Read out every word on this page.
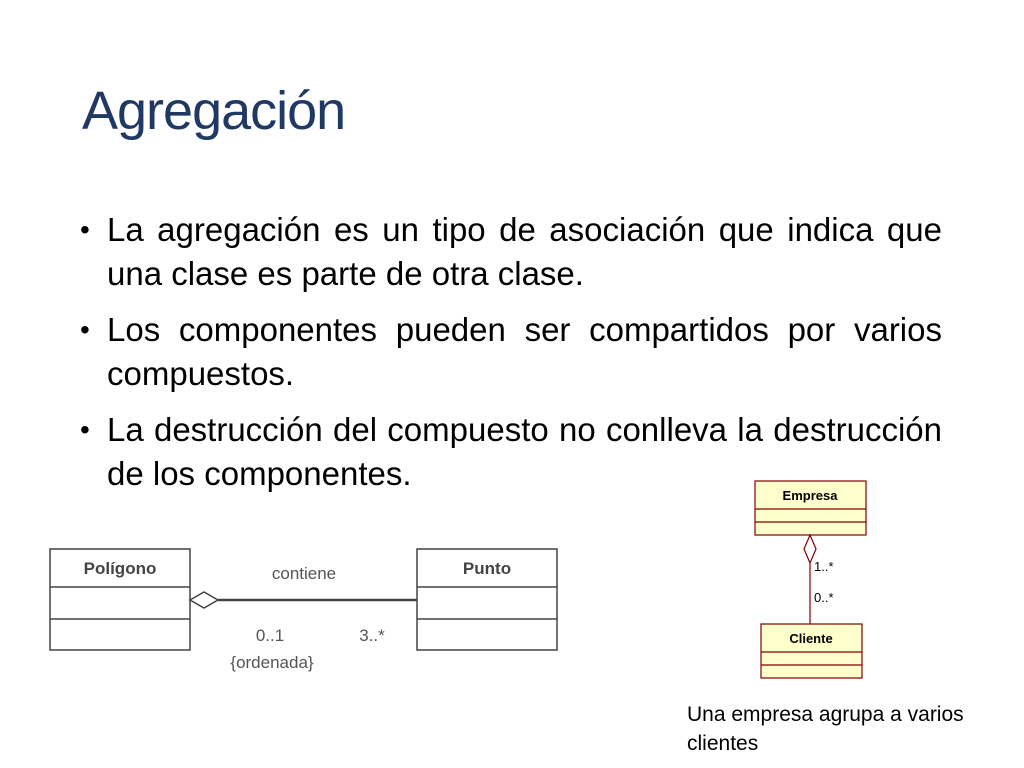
Agregación
• La agregación es un tipo de asociación que indica que una clase es parte de otra clase.
• Los componentes pueden ser compartidos por varios compuestos.
• La destrucción del compuesto no conlleva la destrucción de los componentes.
Polígono	Punto
contiene
0..1	3..*
{ordenada}
Empresa
1..*
0..*
Cliente
Una empresa agrupa a varios clientes
